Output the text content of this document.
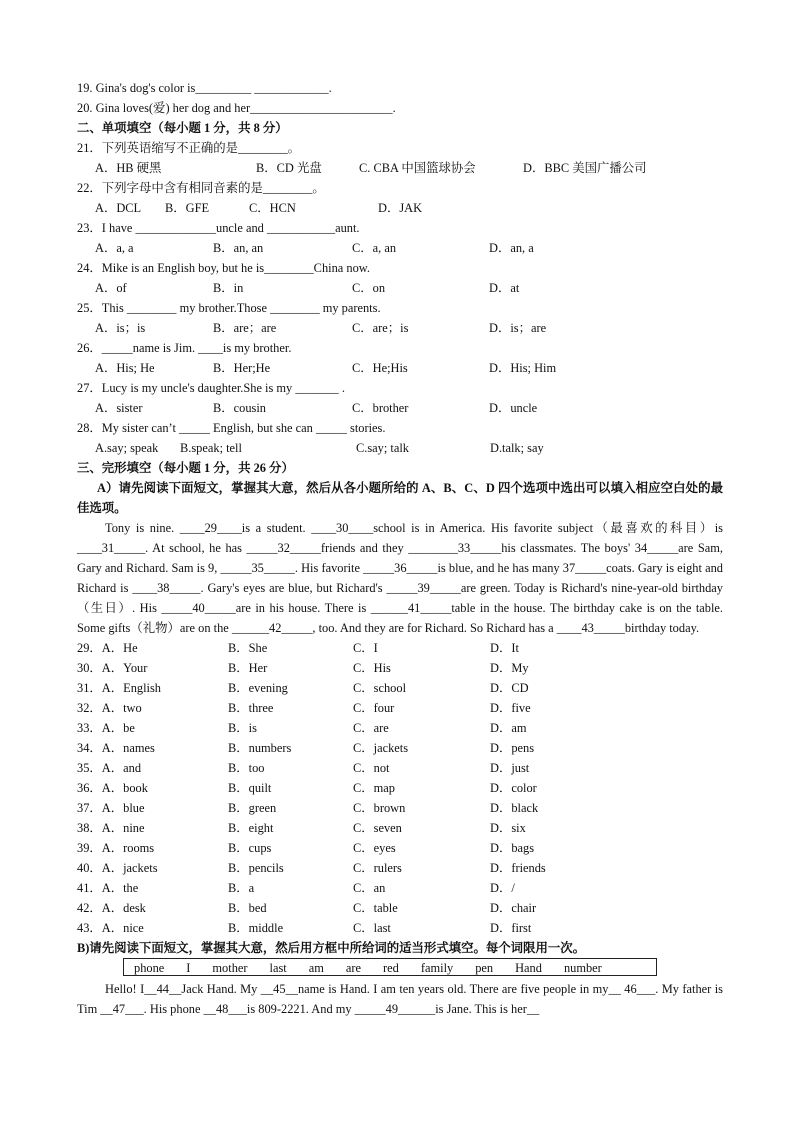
19. Gina's dog's color is_________ ____________.
20. Gina loves(爱) her dog and her_______________________.
二、单项填空（每小题 1 分，共 8 分）
21．下列英语缩写不正确的是________。
A．HB 硬黑	B．CD 光盘	C. CBA 中国篮球协会	D．BBC 美国广播公司
22．下列字母中含有相同音素的是________。
A．DCL B．GFE	C．HCN	D．JAK
23．I have _____________uncle and ___________aunt.
A．a, a	B．an, an	C．a, an	D．an, a
24．Mike is an English boy, but he is________China now.
A．of	B．in	C．on	D．at
25．This ________ my brother.Those ________ my parents.
A．is；is	B．are；are	C．are；is	D．is；are
26．_____name is Jim. ____is my brother.
A．His; He	B．Her;He	C．He;His	D．His; Him
27．Lucy is my uncle's daughter.She is my _______ .
A．sister	B．cousin	C．brother	D．uncle
28．My sister can’t _____ English, but she can _____ stories.
A.say; speak B.speak; tell	C.say; talk	D.talk; say
三、完形填空（每小题 1 分，共 26 分）
A）请先阅读下面短文，掌握其大意，然后从各小题所给的 A、B、C、D 四个选项中选出可以填入相应空白处的最佳选项。
Tony is nine. ____29____is a student. ____30____school is in America. His favorite subject（最喜欢的科目）is ____31_____. At school, he has _____32_____friends and they ________33_____his classmates. The boys' 34_____are Sam, Gary and Richard. Sam is 9, _____35_____. His favorite _____36_____is blue, and he has many 37_____coats. Gary is eight and Richard is ____38_____. Gary's eyes are blue, but Richard's _____39_____are green. Today is Richard's nine-year-old birthday（生日）. His _____40_____are in his house. There is ______41_____table in the house. The birthday cake is on the table. Some gifts（礼物）are on the ______42_____, too. And they are for Richard. So Richard has a ____43_____birthday today.
29．A．He	B．She	C．I	D．It
30．A．Your	B．Her	C．His	D．My
31．A．English	B．evening	C．school	D．CD
32．A．two	B．three	C．four	D．five
33．A．be	B．is	C．are	D．am
34．A．names	B．numbers	C．jackets	D．pens
35．A．and	B．too	C．not	D．just
36．A．book	B．quilt	C．map	D．color
37．A．blue	B．green	C．brown	D．black
38．A．nine	B．eight	C．seven	D．six
39．A．rooms	B．cups	C．eyes	D．bags
40．A．jackets	B．pencils	C．rulers	D．friends
41．A．the	B．a	C．an	D．/
42．A．desk	B．bed	C．table	D．chair
43．A．nice	B．middle	C．last	D．first
B)请先阅读下面短文，掌握其大意，然后用方框中所给词的适当形式填空。每个词限用一次。
phone I mother last am are red family pen Hand number
Hello! I__44__Jack Hand. My __45__name is Hand. I am ten years old. There are five people in my__ 46___. My father is Tim __47___. His phone __48___is 809-2221. And my _____49______is Jane. This is her__
